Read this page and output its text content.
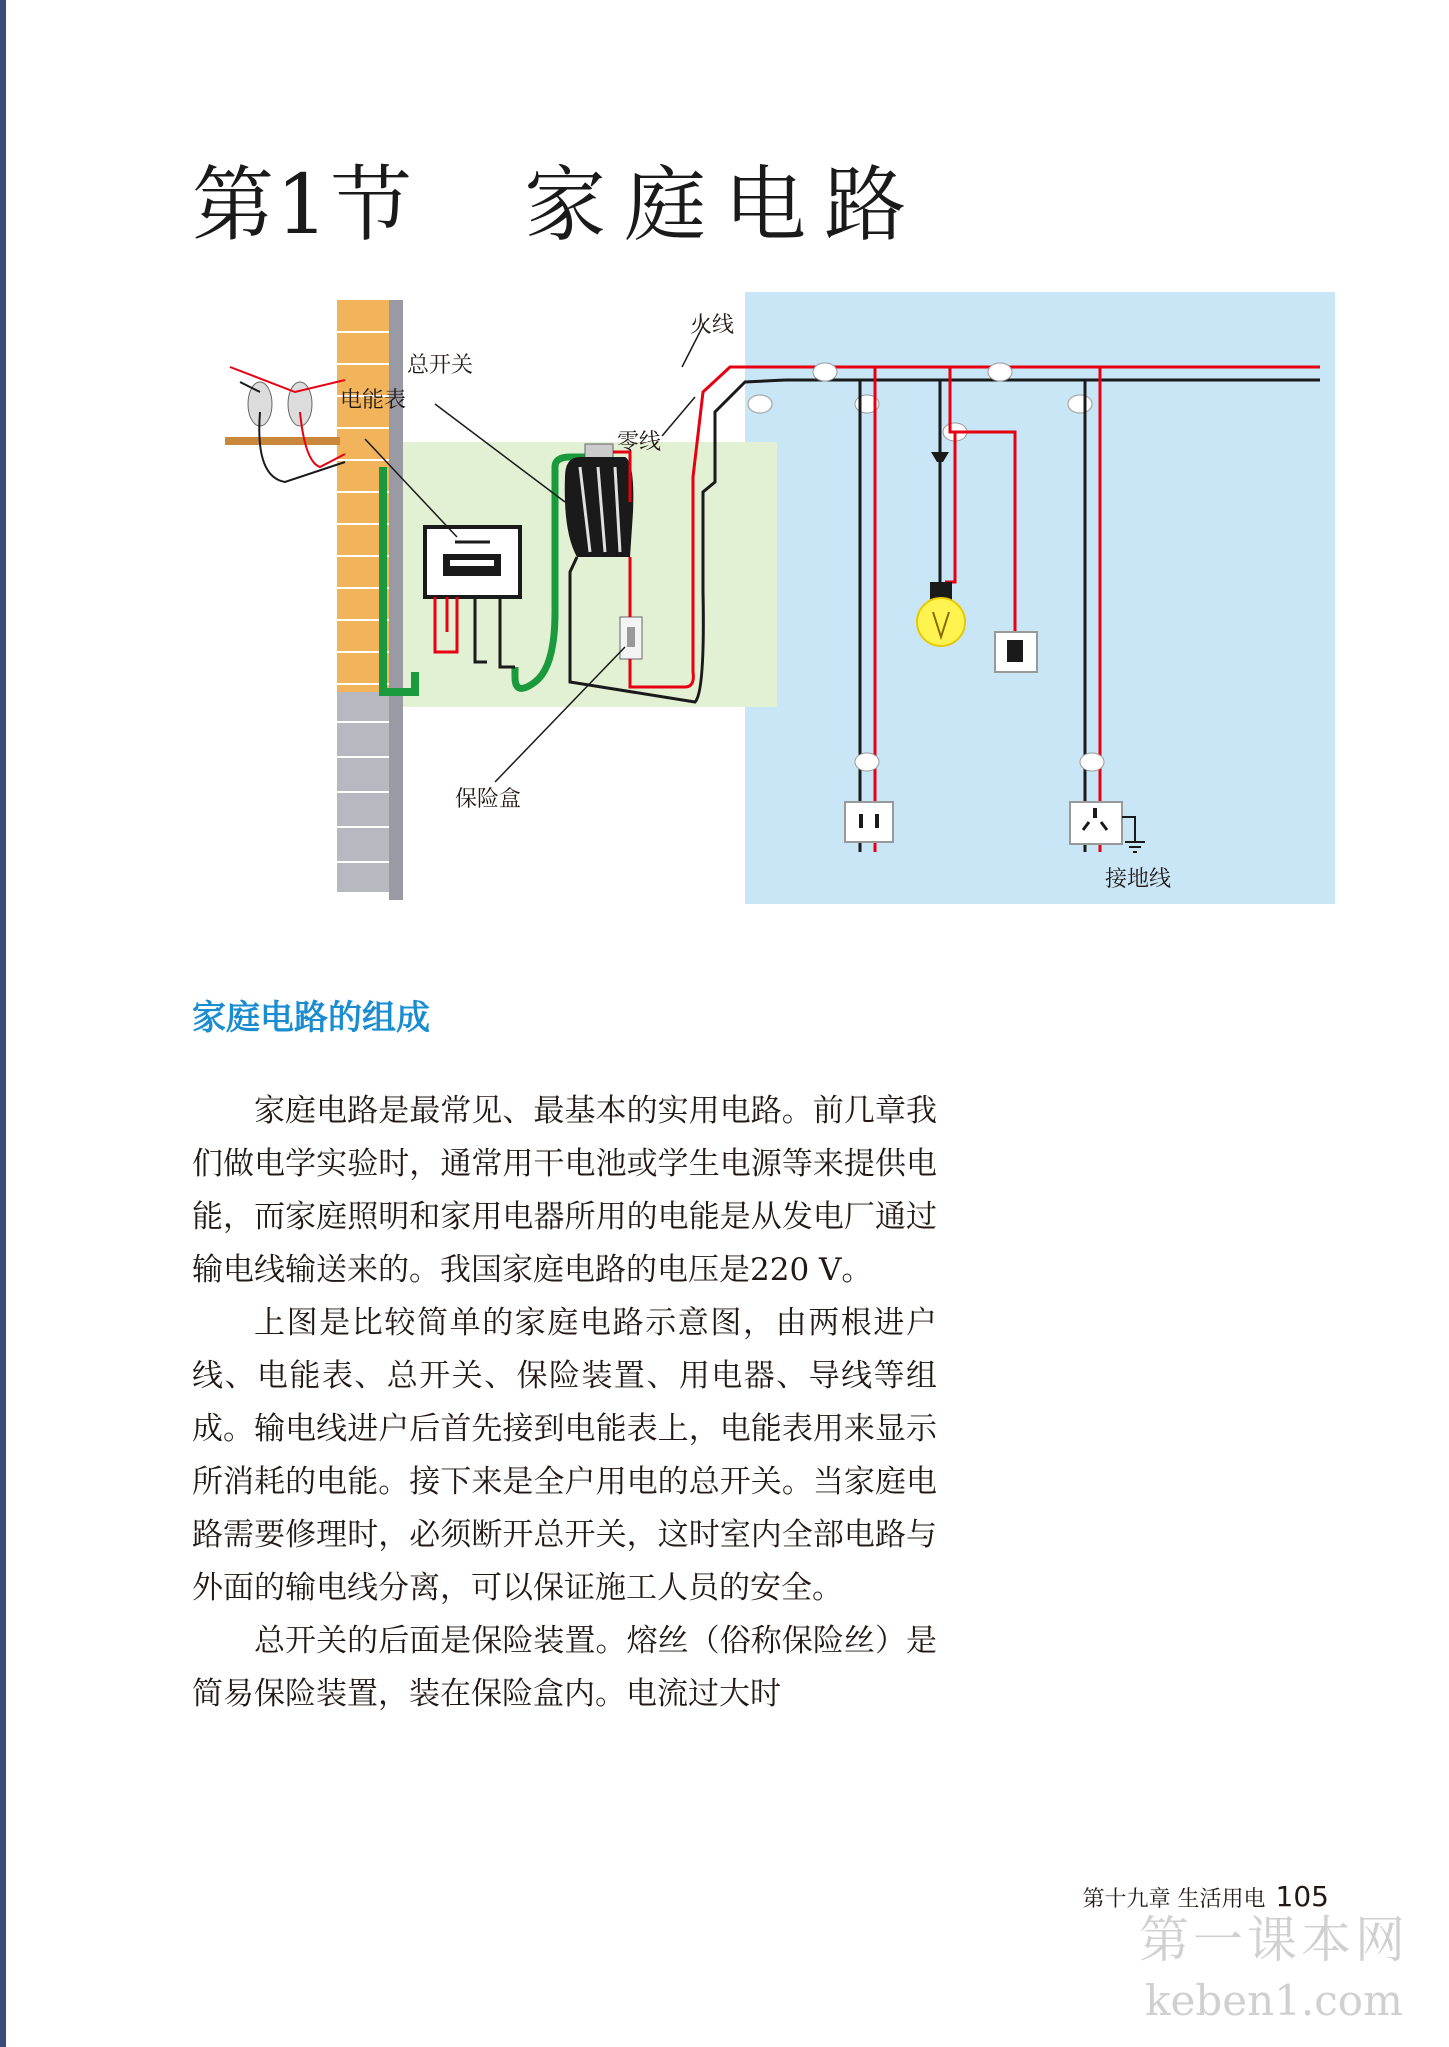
第1节 家庭电路
电能表
总开关
保险盒
火线
零线
接地线
家庭电路的组成

家庭电路是最常见、最基本的实用电路。前几章我们做电学实验时，通常用干电池或学生电源等来提供电能，而家庭照明和家用电器所用的电能是从发电厂通过输电线输送来的。我国家庭电路的电压是220 V。

上图是比较简单的家庭电路示意图，由两根进户线、电能表、总开关、保险装置、用电器、导线等组成。输电线进户后首先接到电能表上，电能表用来显示所消耗的电能。接下来是全户用电的总开关。当家庭电路需要修理时，必须断开总开关，这时室内全部电路与外面的输电线分离，可以保证施工人员的安全。

总开关的后面是保险装置。熔丝（俗称保险丝）是简易保险装置，装在保险盒内。电流过大时

第十九章 生活用电 105
第一课本网
keben1.com
